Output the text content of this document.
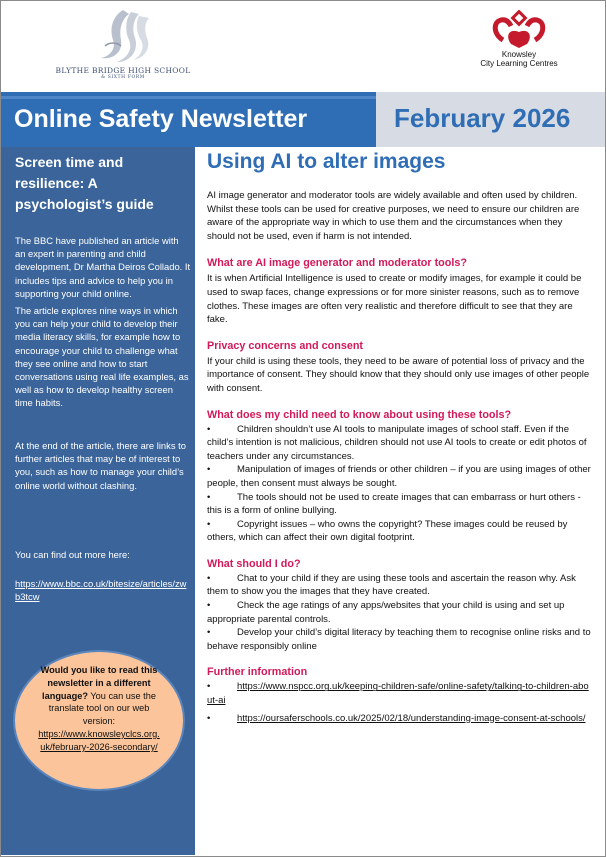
BLYTHE BRIDGE HIGH SCHOOL
& SIXTH FORM
Knowsley
City Learning Centres
Online Safety Newsletter	February 2026
Screen time and resilience: A psychologist’s guide
The BBC have published an article with an expert in parenting and child development, Dr Martha Deiros Collado. It includes tips and advice to help you in supporting your child online.
The article explores nine ways in which you can help your child to develop their media literacy skills, for example how to encourage your child to challenge what they see online and how to start conversations using real life examples, as well as how to develop healthy screen time habits.
At the end of the article, there are links to further articles that may be of interest to you, such as how to manage your child’s online world without clashing.
You can find out more here:
https://www.bbc.co.uk/bitesize/articles/zwb3tcw
Would you like to read this newsletter in a different language? You can use the translate tool on our web version:
https://www.knowsleyclcs.org.uk/february-2026-secondary/
Using AI to alter images

AI image generator and moderator tools are widely available and often used by children. Whilst these tools can be used for creative purposes, we need to ensure our children are aware of the appropriate way in which to use them and the circumstances when they should not be used, even if harm is not intended.

What are AI image generator and moderator tools?

It is when Artificial Intelligence is used to create or modify images, for example it could be used to swap faces, change expressions or for more sinister reasons, such as to remove clothes. These images are often very realistic and therefore difficult to see that they are fake.

Privacy concerns and consent

If your child is using these tools, they need to be aware of potential loss of privacy and the importance of consent. They should know that they should only use images of other people with consent.

What does my child need to know about using these tools?

•	Children shouldn’t use AI tools to manipulate images of school staff. Even if the child’s intention is not malicious, children should not use AI tools to create or edit photos of teachers under any circumstances.

•	Manipulation of images of friends or other children – if you are using images of other people, then consent must always be sought.

•	The tools should not be used to create images that can embarrass or hurt others - this is a form of online bullying.

•	Copyright issues – who owns the copyright? These images could be reused by others, which can affect their own digital footprint.

What should I do?

•	Chat to your child if they are using these tools and ascertain the reason why. Ask them to show you the images that they have created.

•	Check the age ratings of any apps/websites that your child is using and set up appropriate parental controls.

•	Develop your child’s digital literacy by teaching them to recognise online risks and to behave responsibly online

Further information

•	https://www.nspcc.org.uk/keeping-children-safe/online-safety/talking-to-children-about-ai

•	https://oursaferschools.co.uk/2025/02/18/understanding-image-consent-at-schools/
